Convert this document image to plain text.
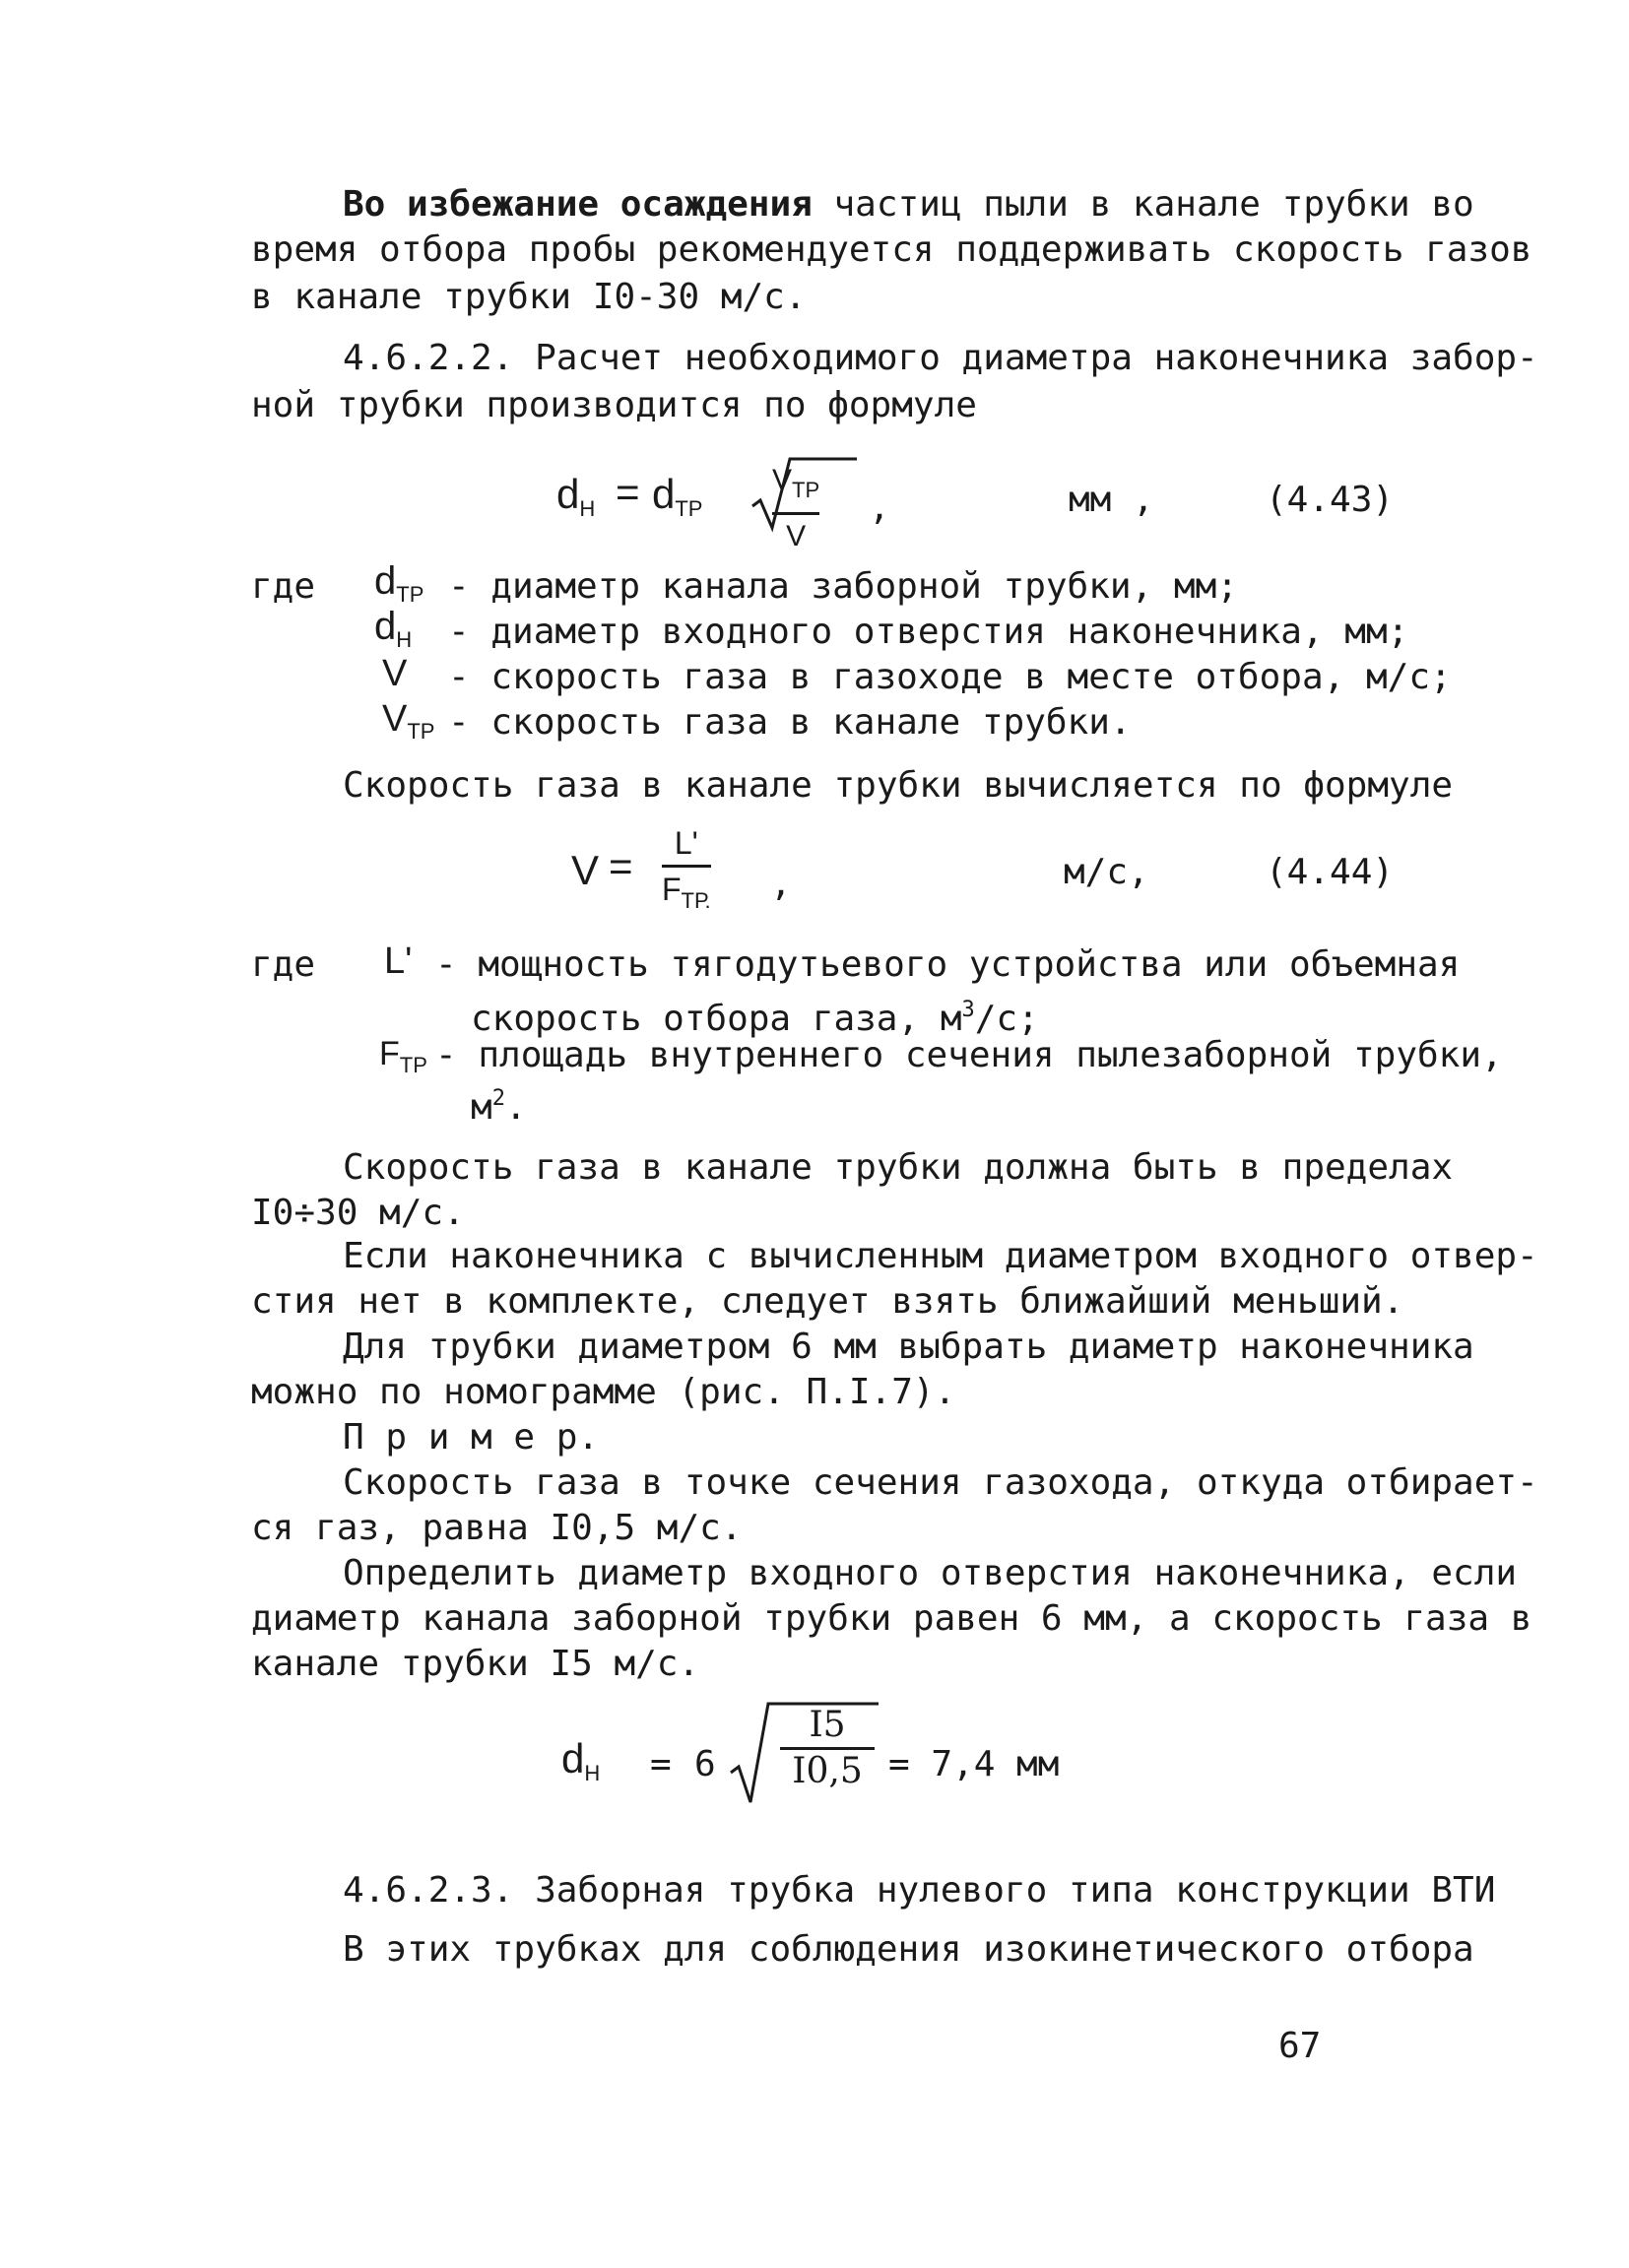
Во избежание осаждения частиц пыли в канале трубки во
время отбора пробы рекомендуется поддерживать скорость газов
в канале трубки I0-30 м/с.
4.6.2.2. Расчет необходимого диаметра наконечника забор-
ной трубки производится по формуле
$d_Н = d_{ТР}$
$V_{ТР}$
V
,	мм ,	(4.43)
где $d_{ТР}$ - диаметр канала заборной трубки, мм;
$d_Н$ - диаметр входного отверстия наконечника, мм;
V - скорость газа в газоходе в месте отбора, м/с;
$V_{ТР}$ - скорость газа в канале трубки.
Скорость газа в канале трубки вычисляется по формуле
V = L'
$F_{ТР.}$ ,	м/с,	(4.44)
где L' - мощность тягодутьевого устройства или объемная
скорость отбора газа, $м^3/с$;
$F_{ТР}$ - площадь внутреннего сечения пылезаборной трубки,
$м^2$.
Скорость газа в канале трубки должна быть в пределах
I0÷30 м/с.
Если наконечника с вычисленным диаметром входного отвер-
стия нет в комплекте, следует взять ближайший меньший.
Для трубки диаметром 6 мм выбрать диаметр наконечника
можно по номограмме (рис. П.I.7).
П р и м е р.
Скорость газа в точке сечения газохода, откуда отбирает-
ся газ, равна I0,5 м/с.
Определить диаметр входного отверстия наконечника, если
диаметр канала заборной трубки равен 6 мм, а скорость газа в
канале трубки I5 м/с.
$d_Н = 6$
I5
I0,5 = 7,4 мм
4.6.2.3. Заборная трубка нулевого типа конструкции ВТИ
В этих трубках для соблюдения изокинетического отбора
67
